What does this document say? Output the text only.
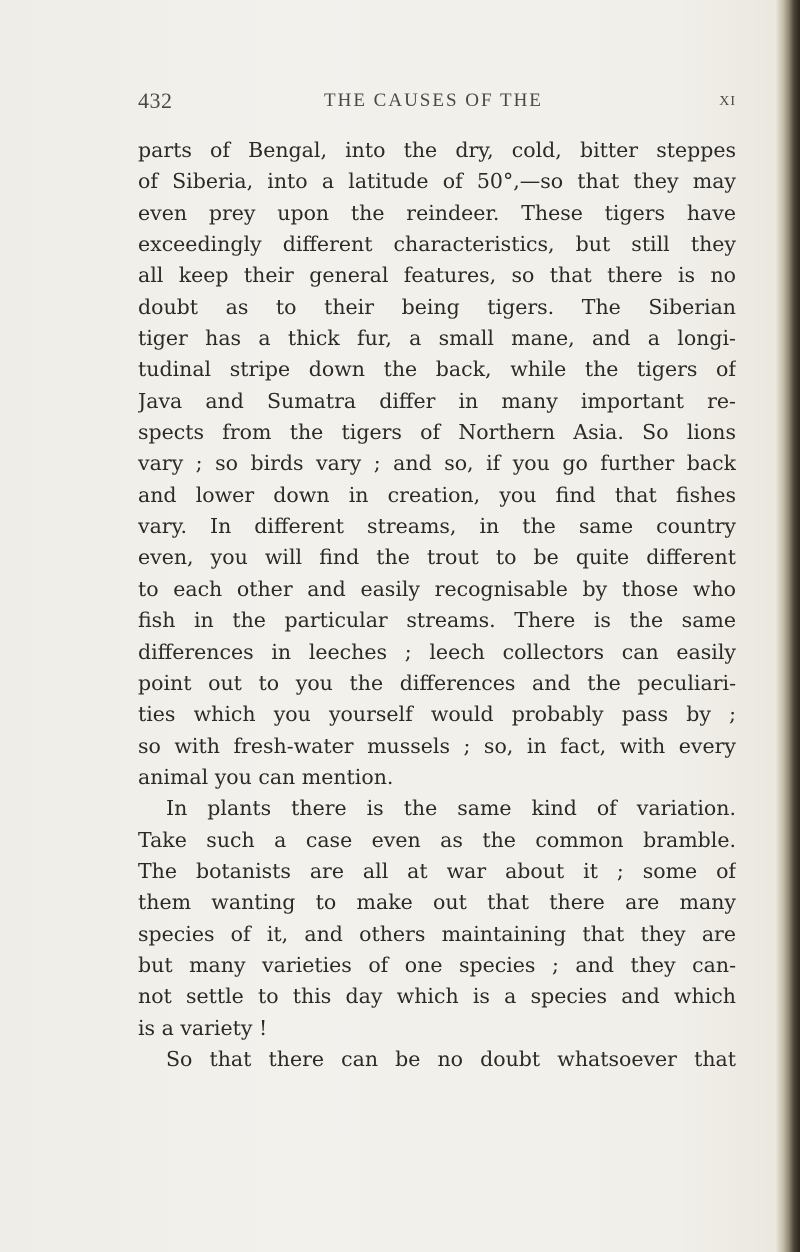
432	THE CAUSES OF THE	XI
parts of Bengal, into the dry, cold, bitter steppes
of Siberia, into a latitude of 50°,—so that they may
even prey upon the reindeer. These tigers have
exceedingly different characteristics, but still they
all keep their general features, so that there is no
doubt as to their being tigers. The Siberian
tiger has a thick fur, a small mane, and a longi-
tudinal stripe down the back, while the tigers of
Java and Sumatra differ in many important re-
spects from the tigers of Northern Asia. So lions
vary ; so birds vary ; and so, if you go further back
and lower down in creation, you find that fishes
vary. In different streams, in the same country
even, you will find the trout to be quite different
to each other and easily recognisable by those who
fish in the particular streams. There is the same
differences in leeches ; leech collectors can easily
point out to you the differences and the peculiari-
ties which you yourself would probably pass by ;
so with fresh-water mussels ; so, in fact, with every
animal you can mention.
In plants there is the same kind of variation.
Take such a case even as the common bramble.
The botanists are all at war about it ; some of
them wanting to make out that there are many
species of it, and others maintaining that they are
but many varieties of one species ; and they can-
not settle to this day which is a species and which
is a variety !
So that there can be no doubt whatsoever that
